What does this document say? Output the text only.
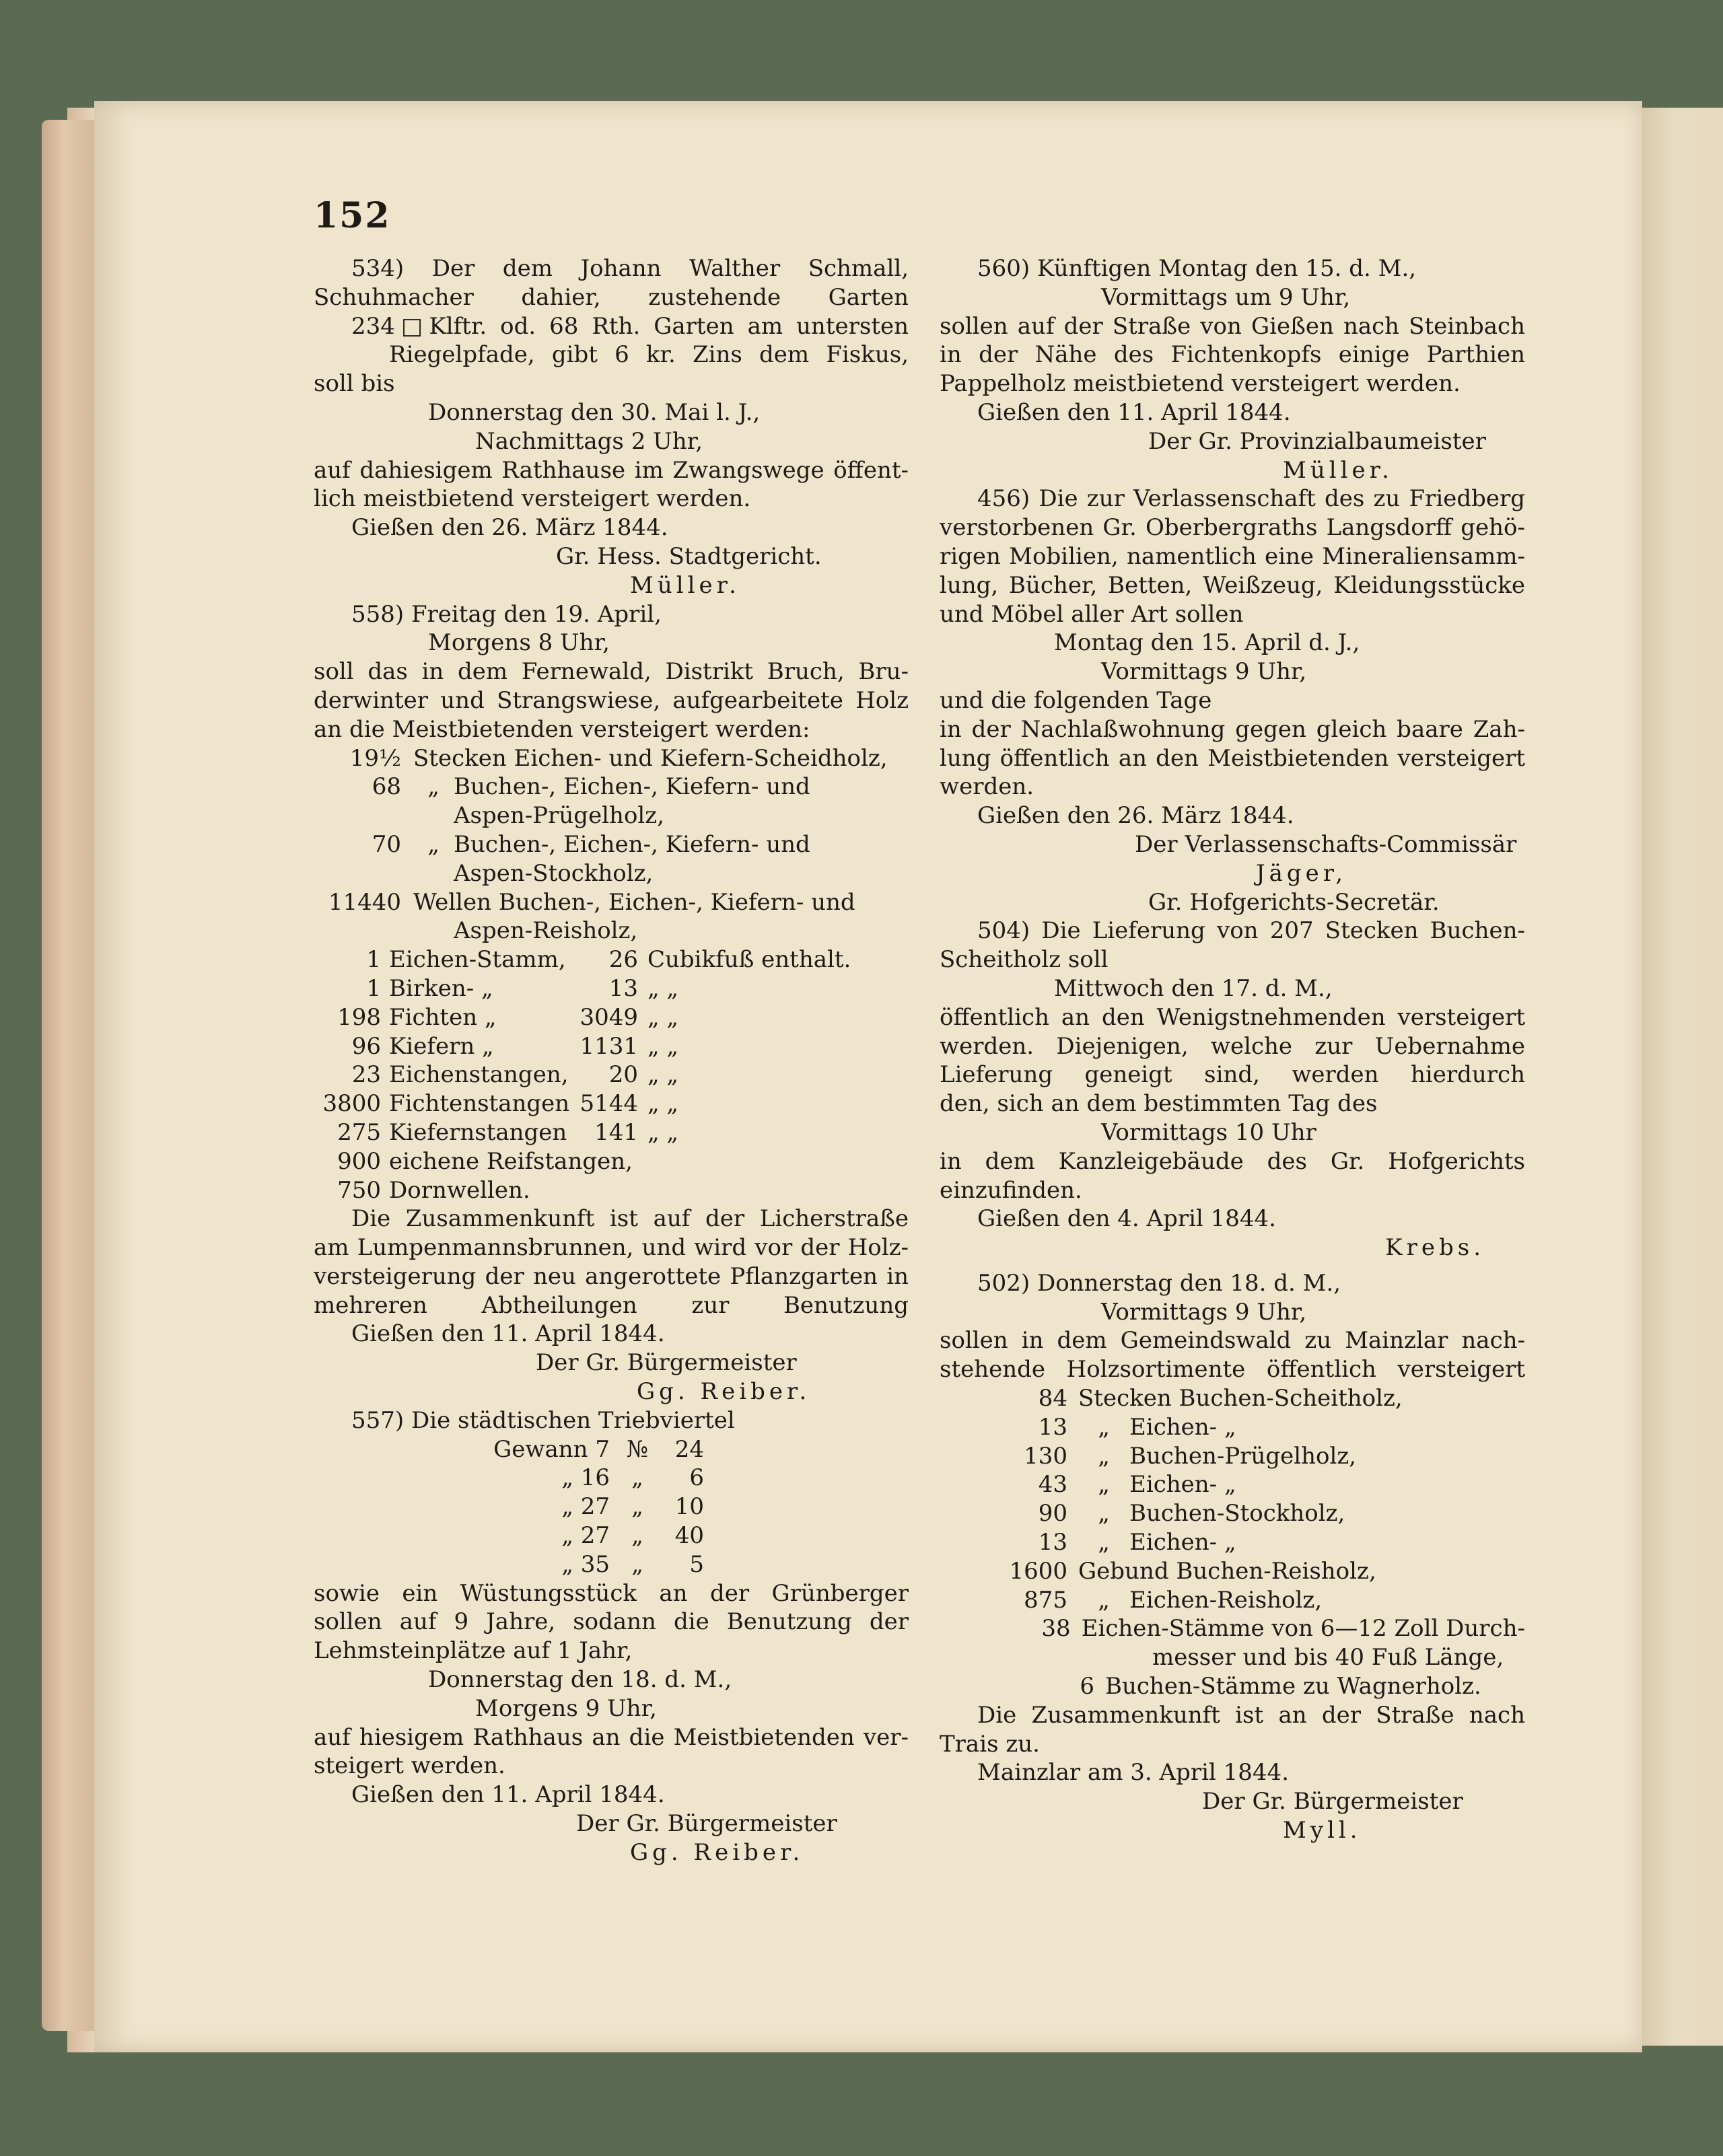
152
534) Der dem Johann Walther Schmall,
Schuhmacher dahier, zustehende Garten
234□Klftr. od. 68 Rth. Garten am untersten
Riegelpfade, gibt 6 kr. Zins dem Fiskus,
soll bis
Donnerstag den 30. Mai l. J.,
Nachmittags 2 Uhr,
auf dahiesigem Rathhause im Zwangswege öffent-
lich meistbietend versteigert werden.
Gießen den 26. März 1844.
Gr. Hess. Stadtgericht.
Müller.
558) Freitag den 19. April,
Morgens 8 Uhr,
soll das in dem Fernewald, Distrikt Bruch, Bru-
derwinter und Strangswiese, aufgearbeitete Holz
an die Meistbietenden versteigert werden:
19½ Stecken Eichen- und Kiefern-Scheidholz,
68	„ Buchen-, Eichen-, Kiefern- und
Aspen-Prügelholz,
70	„ Buchen-, Eichen-, Kiefern- und
Aspen-Stockholz,
11440 Wellen Buchen-, Eichen-, Kiefern- und
Aspen-Reisholz,
1 Eichen-Stamm,	26 Cubikfuß enthalt.
1 Birken- „	13 „ „
198 Fichten „	3049 „ „
96 Kiefern „	1131 „ „
23 Eichenstangen,	20 „ „
3800 Fichtenstangen 5144 „ „
275 Kiefernstangen	141 „ „
900 eichene Reifstangen,
750 Dornwellen.
Die Zusammenkunft ist auf der Licherstraße
am Lumpenmannsbrunnen, und wird vor der Holz-
versteigerung der neu angerottete Pflanzgarten in
mehreren Abtheilungen zur Benutzung
Gießen den 11. April 1844.
Der Gr. Bürgermeister
Gg. Reiber.
557) Die städtischen Triebviertel
Gewann 7 №	24
„ 16 „	6
„ 27 „	10
„ 27 „	40
„ 35 „	5
sowie ein Wüstungsstück an der Grünberger
sollen auf 9 Jahre, sodann die Benutzung der
Lehmsteinplätze auf 1 Jahr,
Donnerstag den 18. d. M.,
Morgens 9 Uhr,
auf hiesigem Rathhaus an die Meistbietenden ver-
steigert werden.
Gießen den 11. April 1844.
Der Gr. Bürgermeister
Gg. Reiber.
560) Künftigen Montag den 15. d. M.,
Vormittags um 9 Uhr,
sollen auf der Straße von Gießen nach Steinbach
in der Nähe des Fichtenkopfs einige Parthien
Pappelholz meistbietend versteigert werden.
Gießen den 11. April 1844.
Der Gr. Provinzialbaumeister
Müller.
456) Die zur Verlassenschaft des zu Friedberg
verstorbenen Gr. Oberbergraths Langsdorff gehö-
rigen Mobilien, namentlich eine Mineraliensamm-
lung, Bücher, Betten, Weißzeug, Kleidungsstücke
und Möbel aller Art sollen
Montag den 15. April d. J.,
Vormittags 9 Uhr,
und die folgenden Tage
in der Nachlaßwohnung gegen gleich baare Zah-
lung öffentlich an den Meistbietenden versteigert
werden.
Gießen den 26. März 1844.
Der Verlassenschafts-Commissär
Jäger,
Gr. Hofgerichts-Secretär.
504) Die Lieferung von 207 Stecken Buchen-
Scheitholz soll
Mittwoch den 17. d. M.,
öffentlich an den Wenigstnehmenden versteigert
werden. Diejenigen, welche zur Uebernahme
Lieferung geneigt sind, werden hierdurch
den, sich an dem bestimmten Tag des
Vormittags 10 Uhr
in dem Kanzleigebäude des Gr. Hofgerichts
einzufinden.
Gießen den 4. April 1844.
Krebs.
502) Donnerstag den 18. d. M.,
Vormittags 9 Uhr,
sollen in dem Gemeindswald zu Mainzlar nach-
stehende Holzsortimente öffentlich versteigert
84 Stecken Buchen-Scheitholz,
13	„ Eichen- „
130	„ Buchen-Prügelholz,
43	„ Eichen- „
90	„ Buchen-Stockholz,
13	„ Eichen- „
1600 Gebund Buchen-Reisholz,
875	„ Eichen-Reisholz,
38 Eichen-Stämme von 6—12 Zoll Durch-
messer und bis 40 Fuß Länge,
6 Buchen-Stämme zu Wagnerholz.
Die Zusammenkunft ist an der Straße nach
Trais zu.
Mainzlar am 3. April 1844.
Der Gr. Bürgermeister
Myll.
